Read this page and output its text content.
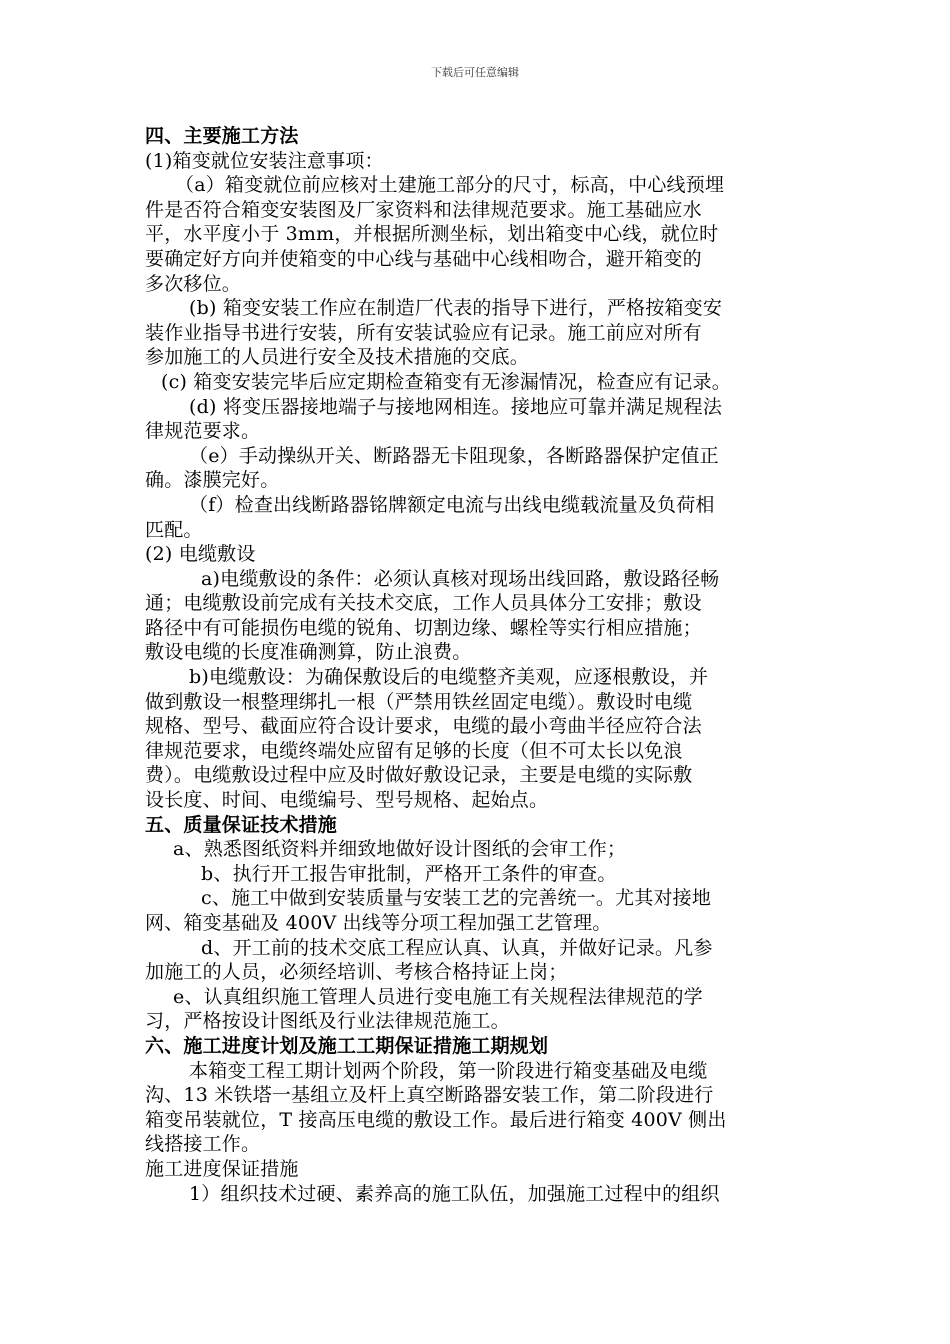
下载后可任意编辑
四、主要施工方法
(1)箱变就位安装注意事项：
（a）箱变就位前应核对土建施工部分的尺寸，标高，中心线预埋
件是否符合箱变安装图及厂家资料和法律规范要求。施工基础应水
平，水平度小于 3mm，并根据所测坐标，划出箱变中心线，就位时
要确定好方向并使箱变的中心线与基础中心线相吻合，避开箱变的
多次移位。
(b) 箱变安装工作应在制造厂代表的指导下进行，严格按箱变安
装作业指导书进行安装，所有安装试验应有记录。施工前应对所有
参加施工的人员进行安全及技术措施的交底。
(c) 箱变安装完毕后应定期检查箱变有无渗漏情况，检查应有记录。
(d) 将变压器接地端子与接地网相连。接地应可靠并满足规程法
律规范要求。
（e）手动操纵开关、断路器无卡阻现象，各断路器保护定值正
确。漆膜完好。
（f）检查出线断路器铭牌额定电流与出线电缆载流量及负荷相
匹配。
(2) 电缆敷设
a)电缆敷设的条件：必须认真核对现场出线回路，敷设路径畅
通；电缆敷设前完成有关技术交底，工作人员具体分工安排；敷设
路径中有可能损伤电缆的锐角、切割边缘、螺栓等实行相应措施；
敷设电缆的长度准确测算，防止浪费。
b)电缆敷设：为确保敷设后的电缆整齐美观，应逐根敷设，并
做到敷设一根整理绑扎一根（严禁用铁丝固定电缆）。敷设时电缆
规格、型号、截面应符合设计要求，电缆的最小弯曲半径应符合法
律规范要求，电缆终端处应留有足够的长度（但不可太长以免浪
费）。电缆敷设过程中应及时做好敷设记录，主要是电缆的实际敷
设长度、时间、电缆编号、型号规格、起始点。
五、质量保证技术措施
a、熟悉图纸资料并细致地做好设计图纸的会审工作；
b、执行开工报告审批制，严格开工条件的审查。
c、施工中做到安装质量与安装工艺的完善统一。尤其对接地
网、箱变基础及 400V 出线等分项工程加强工艺管理。
d、开工前的技术交底工程应认真、认真，并做好记录。凡参
加施工的人员，必须经培训、考核合格持证上岗；
e、认真组织施工管理人员进行变电施工有关规程法律规范的学
习，严格按设计图纸及行业法律规范施工。
六、施工进度计划及施工工期保证措施工期规划
本箱变工程工期计划两个阶段，第一阶段进行箱变基础及电缆
沟、13 米铁塔一基组立及杆上真空断路器安装工作，第二阶段进行
箱变吊装就位，T 接高压电缆的敷设工作。最后进行箱变 400V 侧出
线搭接工作。
施工进度保证措施
1）组织技术过硬、素养高的施工队伍，加强施工过程中的组织
